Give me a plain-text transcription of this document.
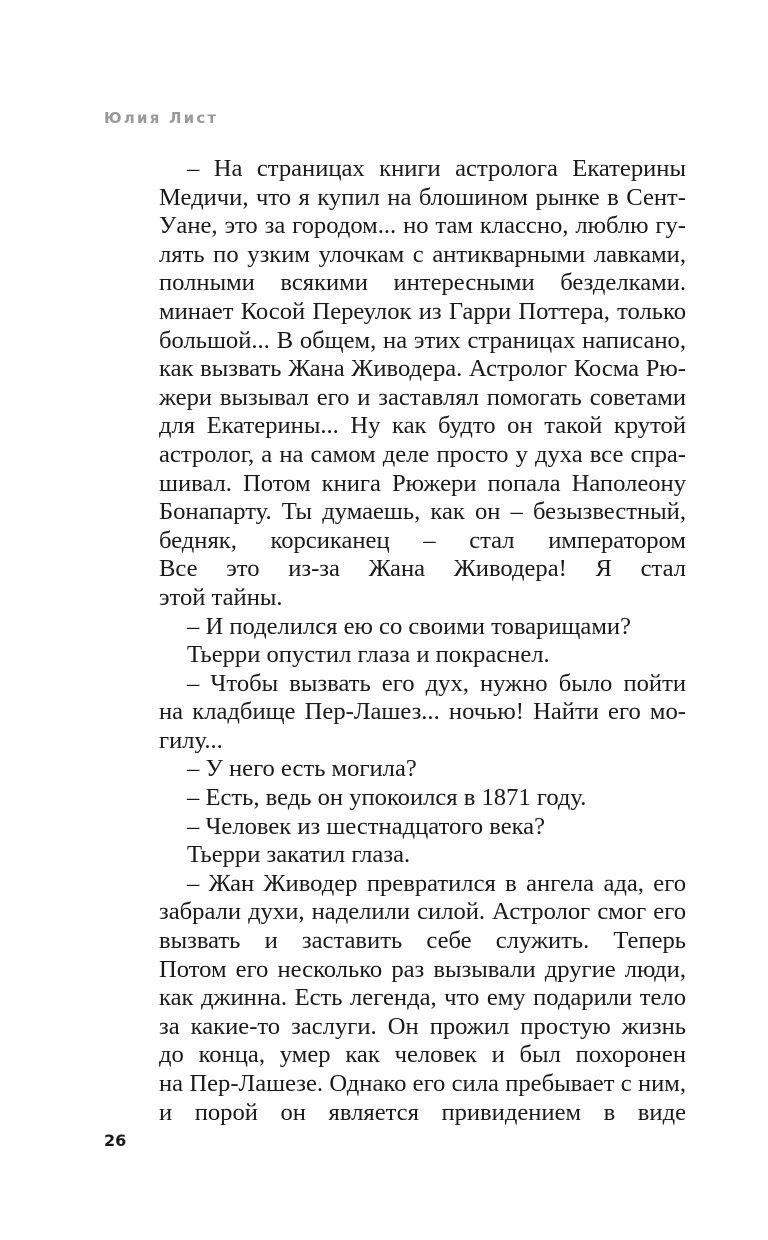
Юлия Лист
– На страницах книги астролога Екатерины
Медичи, что я купил на блошином рынке в Сент-
Уане, это за городом... но там классно, люблю гу-
лять по узким улочкам с антикварными лавками,
полными всякими интересными безделками.
минает Косой Переулок из Гарри Поттера, только
большой... В общем, на этих страницах написано,
как вызвать Жана Живодера. Астролог Косма Рю-
жери вызывал его и заставлял помогать советами
для Екатерины... Ну как будто он такой крутой
астролог, а на самом деле просто у духа все спра-
шивал. Потом книга Рюжери попала Наполеону
Бонапарту. Ты думаешь, как он – безызвестный,
бедняк, корсиканец – стал императором
Все это из-за Жана Живодера! Я стал
этой тайны.
– И поделился ею со своими товарищами?
Тьерри опустил глаза и покраснел.
– Чтобы вызвать его дух, нужно было пойти
на кладбище Пер-Лашез... ночью! Найти его мо-
гилу...
– У него есть могила?
– Есть, ведь он упокоился в 1871 году.
– Человек из шестнадцатого века?
Тьерри закатил глаза.
– Жан Живодер превратился в ангела ада, его
забрали духи, наделили силой. Астролог смог его
вызвать и заставить себе служить. Теперь
Потом его несколько раз вызывали другие люди,
как джинна. Есть легенда, что ему подарили тело
за какие-то заслуги. Он прожил простую жизнь
до конца, умер как человек и был похоронен
на Пер-Лашезе. Однако его сила пребывает с ним,
и порой он является привидением в виде
26
